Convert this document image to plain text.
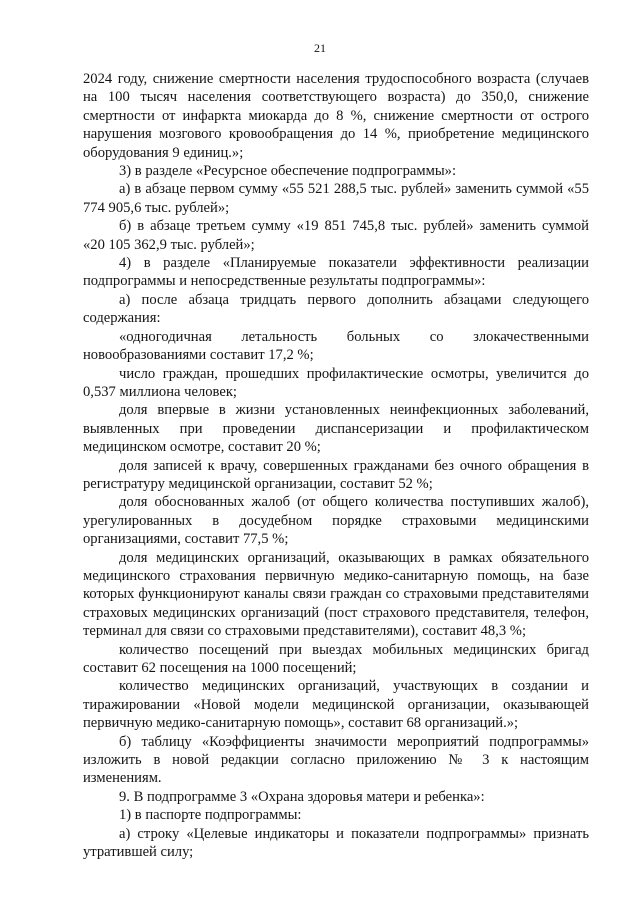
21

2024 году, снижение смертности населения трудоспособного возраста (случаев на 100 тысяч населения соответствующего возраста) до 350,0, снижение смертности от инфаркта миокарда до 8 %, снижение смертности от острого нарушения мозгового кровообращения до 14 %, приобретение медицинского оборудования 9 единиц.»;

3) в разделе «Ресурсное обеспечение подпрограммы»:

а) в абзаце первом сумму «55 521 288,5 тыс. рублей» заменить суммой «55 774 905,6 тыс. рублей»;

б) в абзаце третьем сумму «19 851 745,8 тыс. рублей» заменить суммой «20 105 362,9 тыс. рублей»;

4) в разделе «Планируемые показатели эффективности реализации подпрограммы и непосредственные результаты подпрограммы»:

а) после абзаца тридцать первого дополнить абзацами следующего содержания:

«одногодичная летальность больных со злокачественными новообразованиями составит 17,2 %;

число граждан, прошедших профилактические осмотры, увеличится до 0,537 миллиона человек;

доля впервые в жизни установленных неинфекционных заболеваний, выявленных при проведении диспансеризации и профилактическом медицинском осмотре, составит 20 %;

доля записей к врачу, совершенных гражданами без очного обращения в регистратуру медицинской организации, составит 52 %;

доля обоснованных жалоб (от общего количества поступивших жалоб), урегулированных в досудебном порядке страховыми медицинскими организациями, составит 77,5 %;

доля медицинских организаций, оказывающих в рамках обязательного медицинского страхования первичную медико-санитарную помощь, на базе которых функционируют каналы связи граждан со страховыми представителями страховых медицинских организаций (пост страхового представителя, телефон, терминал для связи со страховыми представителями), составит 48,3 %;

количество посещений при выездах мобильных медицинских бригад составит 62 посещения на 1000 посещений;

количество медицинских организаций, участвующих в создании и тиражировании «Новой модели медицинской организации, оказывающей первичную медико-санитарную помощь», составит 68 организаций.»;

б) таблицу «Коэффициенты значимости мероприятий подпрограммы» изложить в новой редакции согласно приложению № 3 к настоящим изменениям.

9. В подпрограмме 3 «Охрана здоровья матери и ребенка»:

1) в паспорте подпрограммы:

а) строку «Целевые индикаторы и показатели подпрограммы» признать утратившей силу;
